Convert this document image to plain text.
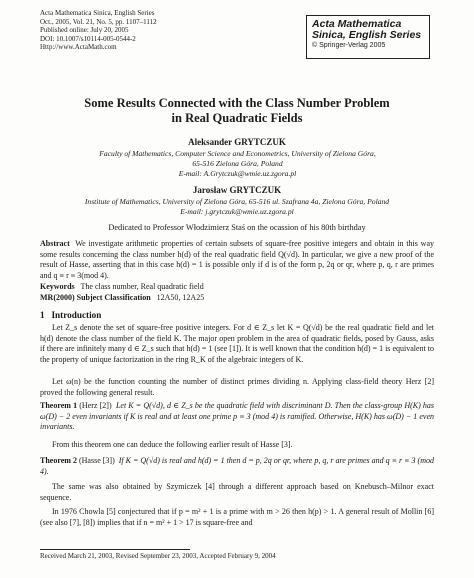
Acta Mathematica Sinica, English Series
Oct., 2005, Vol. 21, No. 5, pp. 1107–1112
Published online: July 20, 2005
DOI: 10.1007/s10114-005-0544-2
Http://www.ActaMath.com
Acta Mathematica
Sinica, English Series
© Springer-Verlag 2005
Some Results Connected with the Class Number Problem
in Real Quadratic Fields
Aleksander GRYTCZUK
Faculty of Mathematics, Computer Science and Econometrics, University of Zielona Góra,
65-516 Zielona Góra, Poland
E-mail: A.Grytczuk@wmie.uz.zgora.pl
Jarosław GRYTCZUK
Institute of Mathematics, University of Zielona Góra, 65-516 ul. Szafrana 4a, Zielona Góra, Poland
E-mail: j.grytczuk@wmie.uz.zgora.pl
Dedicated to Professor Włodzimierz Staś on the ocassion of his 80th birthday
Abstract We investigate arithmetic properties of certain subsets of square-free positive integers and obtain in this way some results concerning the class number h(d) of the real quadratic field Q(√d). In particular, we give a new proof of the result of Hasse, asserting that in this case h(d) = 1 is possible only if d is of the form p, 2q or qr, where p, q, r are primes and q ≡ r ≡ 3(mod 4).
Keywords The class number, Real quadratic field
MR(2000) Subject Classification 12A50, 12A25
1 Introduction
Let Z_s denote the set of square-free positive integers. For d ∈ Z_s let K = Q(√d) be the real quadratic field and let h(d) denote the class number of the field K. The major open problem in the area of quadratic fields, posed by Gauss, asks if there are infinitely many d ∈ Z_s such that h(d) = 1 (see [1]). It is well known that the condition h(d) = 1 is equivalent to the property of unique factorization in the ring R_K of the algebraic integers of K.
Let ω(n) be the function counting the number of distinct primes dividing n. Applying class-field theory Herz [2] proved the following general result.
Theorem 1 (Herz [2]) Let K = Q(√d), d ∈ Z_s be the quadratic field with discriminant D. Then the class-group H(K) has ω(D) − 2 even invariants if K is real and at least one prime p ≡ 3 (mod 4) is ramified. Otherwise, H(K) has ω(D) − 1 even invariants.
From this theorem one can deduce the following earlier result of Hasse [3].
Theorem 2 (Hasse [3]) If K = Q(√d) is real and h(d) = 1 then d = p, 2q or qr, where p, q, r are primes and q ≡ r ≡ 3 (mod 4).
The same was also obtained by Szymiczek [4] through a different approach based on Knebusch–Milnor exact sequence.
In 1976 Chowla [5] conjectured that if p = m² + 1 is a prime with m > 26 then h(p) > 1. A general result of Mollin [6] (see also [7], [8]) implies that if n = m² + 1 > 17 is square-free and
Received March 21, 2003, Revised September 23, 2003, Accepted February 9, 2004
